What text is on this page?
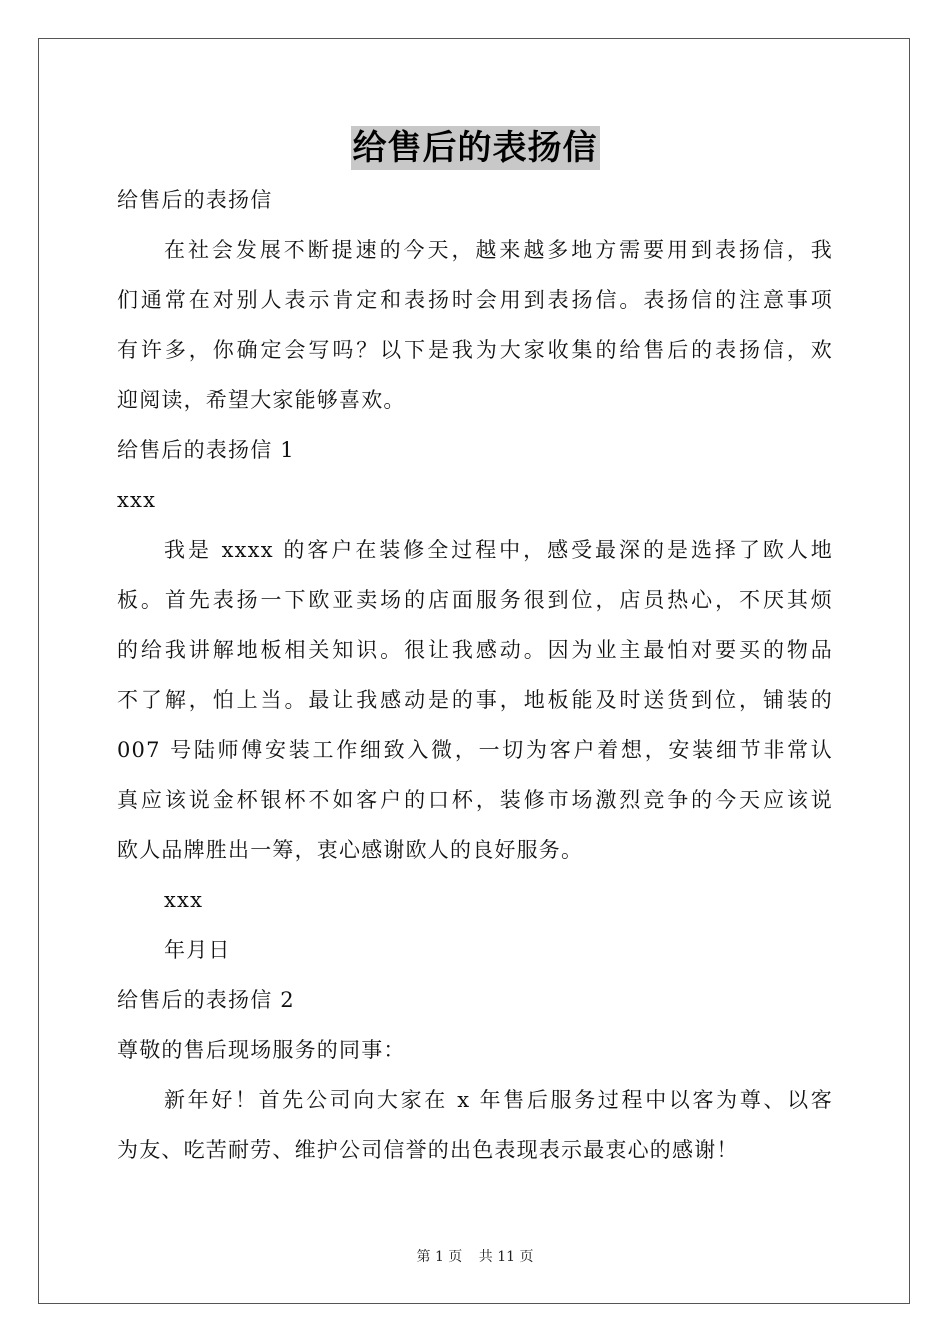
给售后的表扬信
给售后的表扬信
在社会发展不断提速的今天，越来越多地方需要用到表扬信，我
们通常在对别人表示肯定和表扬时会用到表扬信。表扬信的注意事项
有许多，你确定会写吗？以下是我为大家收集的给售后的表扬信，欢
迎阅读，希望大家能够喜欢。
给售后的表扬信 1
xxx
我是 xxxx 的客户在装修全过程中，感受最深的是选择了欧人地
板。首先表扬一下欧亚卖场的店面服务很到位，店员热心，不厌其烦
的给我讲解地板相关知识。很让我感动。因为业主最怕对要买的物品
不了解，怕上当。最让我感动是的事，地板能及时送货到位，铺装的
007 号陆师傅安装工作细致入微，一切为客户着想，安装细节非常认
真应该说金杯银杯不如客户的口杯，装修市场激烈竞争的今天应该说
欧人品牌胜出一筹，衷心感谢欧人的良好服务。
xxx
年月日
给售后的表扬信 2
尊敬的售后现场服务的同事：
新年好！首先公司向大家在 x 年售后服务过程中以客为尊、以客
为友、吃苦耐劳、维护公司信誉的出色表现表示最衷心的感谢！
第 1 页 共 11 页
